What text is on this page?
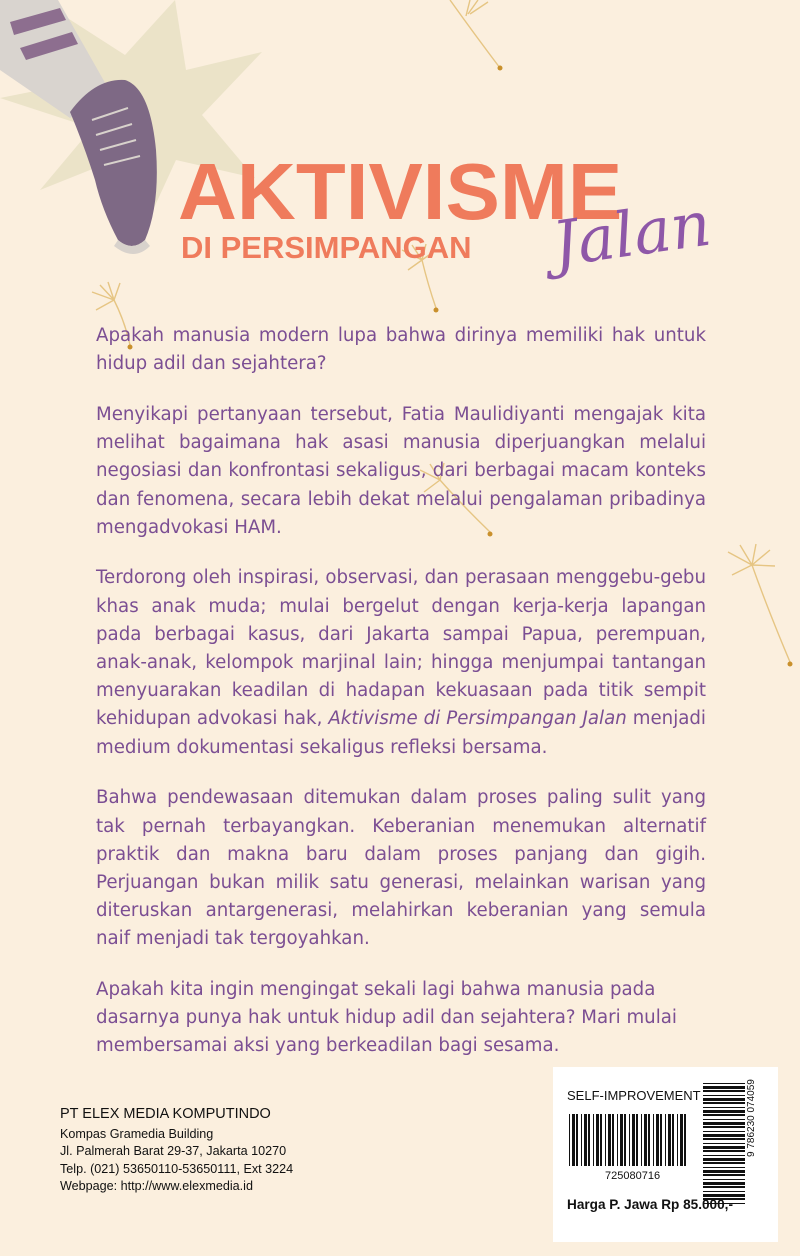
AKTIVISME
DI PERSIMPANGAN Jalan

Apakah manusia modern lupa bahwa dirinya memiliki hak untuk hidup adil dan sejahtera?

Menyikapi pertanyaan tersebut, Fatia Maulidiyanti mengajak kita melihat bagaimana hak asasi manusia diperjuangkan melalui negosiasi dan konfrontasi sekaligus, dari berbagai macam konteks dan fenomena, secara lebih dekat melalui pengalaman pribadinya mengadvokasi HAM.

Terdorong oleh inspirasi, observasi, dan perasaan menggebu-gebu khas anak muda; mulai bergelut dengan kerja-kerja lapangan pada berbagai kasus, dari Jakarta sampai Papua, perempuan, anak-anak, kelompok marjinal lain; hingga menjumpai tantangan menyuarakan keadilan di hadapan kekuasaan pada titik sempit kehidupan advokasi hak, Aktivisme di Persimpangan Jalan menjadi medium dokumentasi sekaligus refleksi bersama.

Bahwa pendewasaan ditemukan dalam proses paling sulit yang tak pernah terbayangkan. Keberanian menemukan alternatif praktik dan makna baru dalam proses panjang dan gigih. Perjuangan bukan milik satu generasi, melainkan warisan yang diteruskan antargenerasi, melahirkan keberanian yang semula naif menjadi tak tergoyahkan.

Apakah kita ingin mengingat sekali lagi bahwa manusia pada dasarnya punya hak untuk hidup adil dan sejahtera? Mari mulai membersamai aksi yang berkeadilan bagi sesama.

PT ELEX MEDIA KOMPUTINDO
Kompas Gramedia Building
Jl. Palmerah Barat 29-37, Jakarta 10270
Telp. (021) 53650110-53650111, Ext 3224
Webpage: http://www.elexmedia.id
SELF-IMPROVEMENT
725080716
9 786230 074059
Harga P. Jawa Rp 85.000,-
